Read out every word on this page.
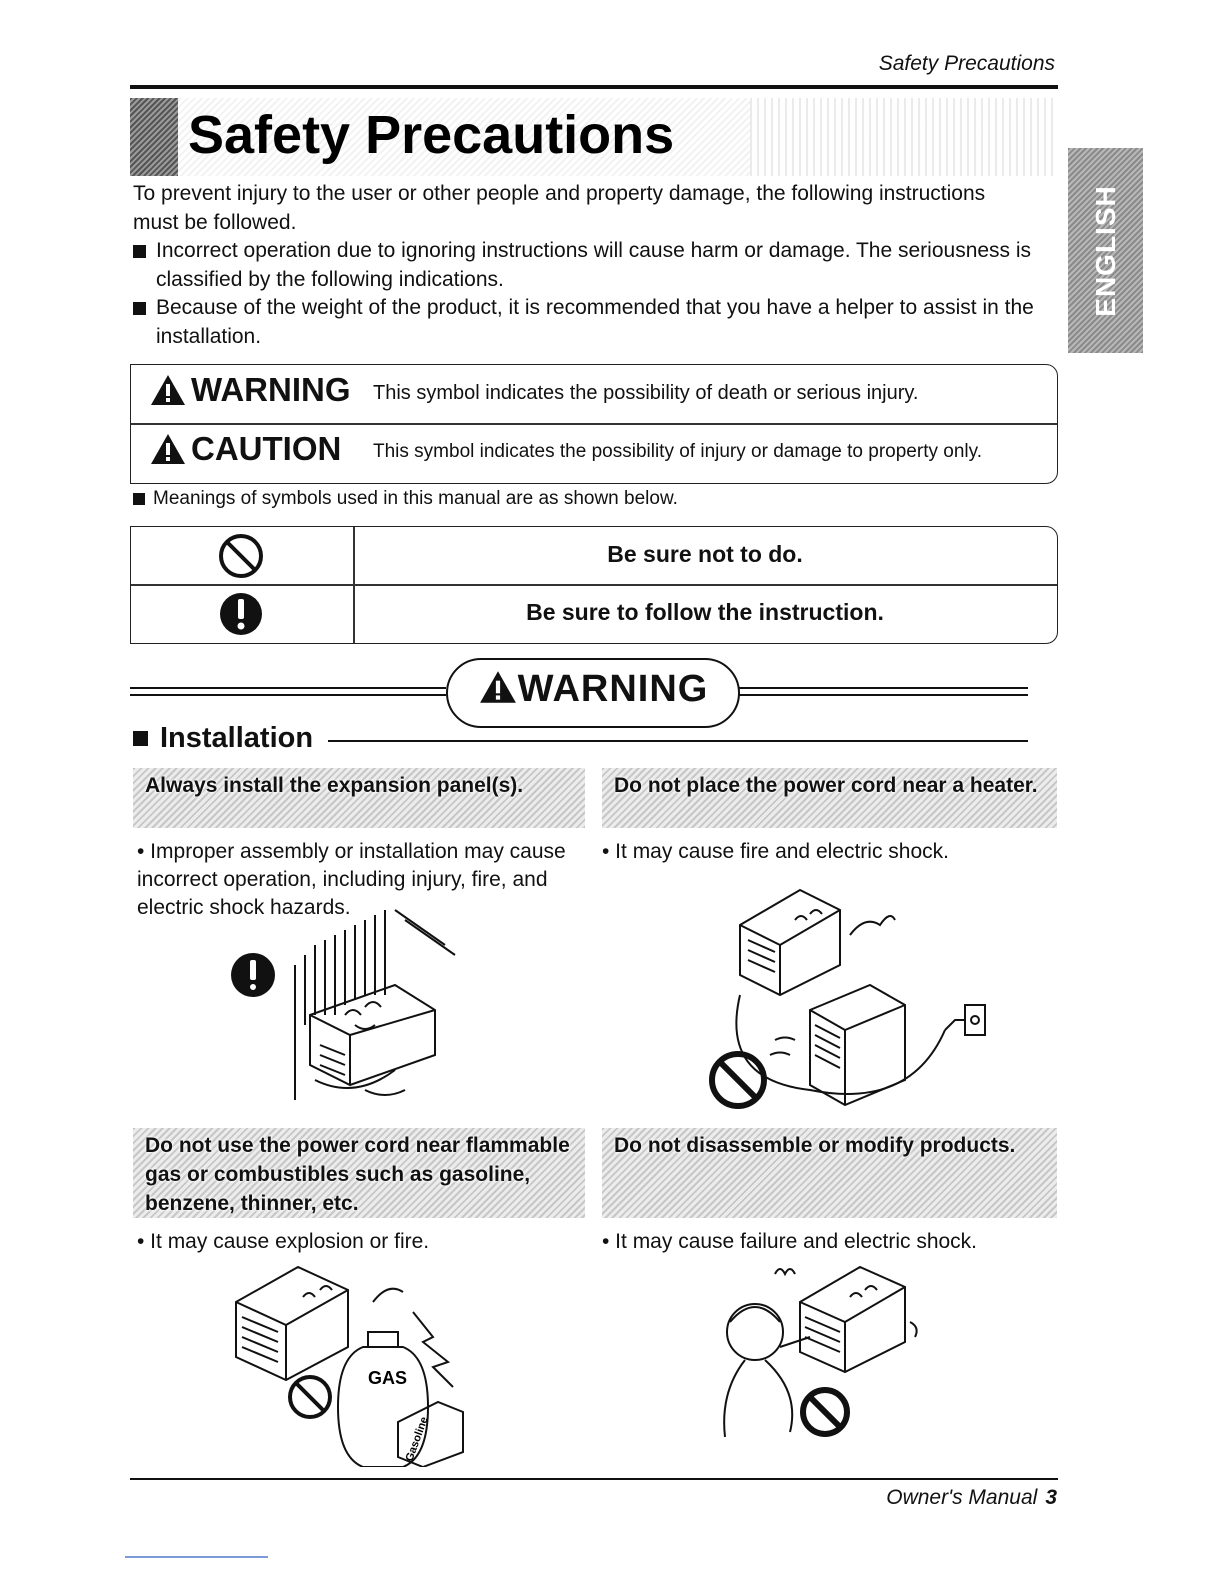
Safety Precautions
Safety Precautions
ENGLISH

To prevent injury to the user or other people and property damage, the following instructions must be followed.

Incorrect operation due to ignoring instructions will cause harm or damage. The seriousness is classified by the following indications.

Because of the weight of the product, it is recommended that you have a helper to assist in the installation.

WARNING This symbol indicates the possibility of death or serious injury.
CAUTION This symbol indicates the possibility of injury or damage to property only.
Meanings of symbols used in this manual are as shown below.
Be sure not to do.
Be sure to follow the instruction.
WARNING
Installation
Always install the expansion panel(s).
• Improper assembly or installation may cause incorrect operation, including injury, fire, and electric shock hazards.
Do not place the power cord near a heater.
• It may cause fire and electric shock.
Do not use the power cord near flammable gas or combustibles such as gasoline, benzene, thinner, etc.
• It may cause explosion or fire.
GAS
Gasoline
Do not disassemble or modify products.
• It may cause failure and electric shock.
Owner's Manual 3
